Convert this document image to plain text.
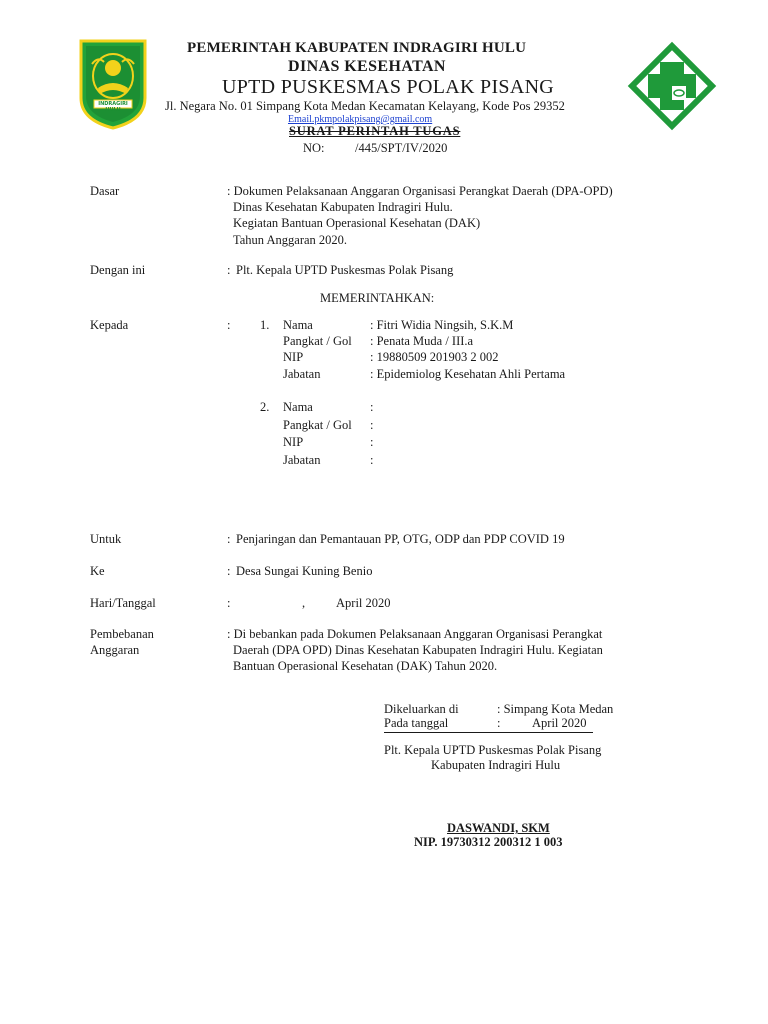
INDRAGIRI HULU
PEMERINTAH KABUPATEN INDRAGIRI HULU
DINAS KESEHATAN
UPTD PUSKESMAS POLAK PISANG
Jl. Negara No. 01 Simpang Kota Medan Kecamatan Kelayang, Kode Pos 29352
Email.pkmpolakpisang@gmail.com
SURAT PERINTAH TUGAS
NO: /445/SPT/IV/2020
Dasar	: Dokumen Pelaksanaan Anggaran Organisasi Perangkat Daerah (DPA-OPD)
Dinas Kesehatan Kabupaten Indragiri Hulu.
Kegiatan Bantuan Operasional Kesehatan (DAK)
Tahun Anggaran 2020.
Dengan ini	: Plt. Kepala UPTD Puskesmas Polak Pisang
MEMERINTAHKAN:
Kepada	: 1. Nama	: Fitri Widia Ningsih, S.K.M
Pangkat / Gol : Penata Muda / III.a
NIP	: 19880509 201903 2 002
Jabatan	: Epidemiolog Kesehatan Ahli Pertama
2. Nama	:
Pangkat / Gol :
NIP	:
Jabatan	:
Untuk	: Penjaringan dan Pemantauan PP, OTG, ODP dan PDP COVID 19
Ke	: Desa Sungai Kuning Benio
Hari/Tanggal	:	, April 2020
Pembebanan
Anggaran
: Di bebankan pada Dokumen Pelaksanaan Anggaran Organisasi Perangkat
Daerah (DPA OPD) Dinas Kesehatan Kabupaten Indragiri Hulu. Kegiatan
Bantuan Operasional Kesehatan (DAK) Tahun 2020.
Dikeluarkan di	: Simpang Kota Medan
Pada tanggal	:	April 2020
Plt. Kepala UPTD Puskesmas Polak Pisang
Kabupaten Indragiri Hulu
DASWANDI, SKM
NIP. 19730312 200312 1 003
